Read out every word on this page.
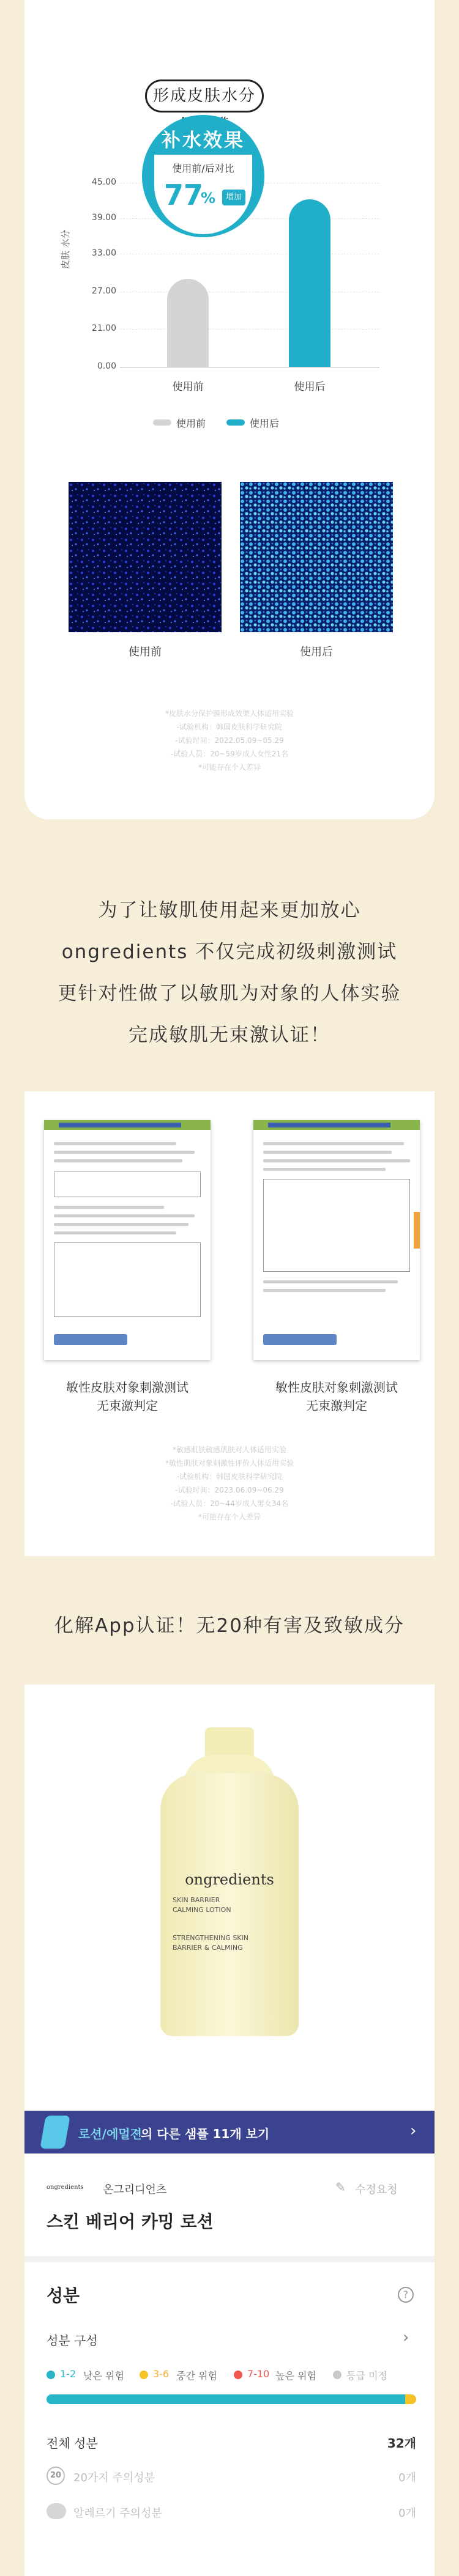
形成皮肤水分
皮肤 水分
45.00
39.00
33.00
27.00
21.00
0.00
使用前	使用后
使用前	使用后
补水效果
使用前/后对比
77
%	增加
使用前	使用后
*皮肤水分保护膜形成效果人体适用实验
-试验机构：韩国皮肤科学研究院
-试验时间：2022.05.09~05.29
-试验人员：20~59岁成人女性21名
*可能存在个人差异
为了让敏肌使用起来更加放心
ongredients 不仅完成初级刺激测试
更针对性做了以敏肌为对象的人体实验
完成敏肌无束激认证！
敏性皮肤对象刺激测试
无束激判定
敏性皮肤对象刺激测试
无束激判定
*敏感肌肤敏感肌肤对人体适用实验
*敏性肌肤对象刺激性评价人体适用实验
-试验机构：韩国皮肤科学研究院
-试验时间：2023.06.09~06.29
-试验人员：20~44岁成人男女34名
*可能存在个人差异
化解App认证！无20种有害及致敏成分
ongredients
SKIN BARRIER
CALMING LOTION
STRENGTHENING SKIN
BARRIER & CALMING
로션/에멀젼
의 다른 샘플 11개 보기	›
ongredients 온그리디언츠	✎ 수정요청
스킨 베리어 카밍 로션
성분	?
성분 구성	›
1-2 낮은 위험	3-6 중간 위험	7-10 높은 위험	등급 미정
전체 성분	32개
20	20가지 주의성분	0개
알레르기 주의성분	0개
